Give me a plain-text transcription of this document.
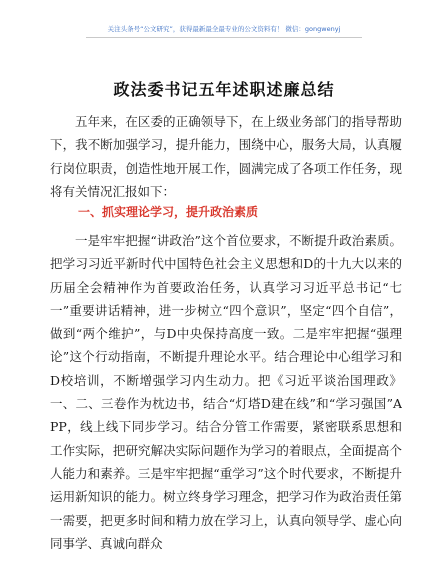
关注头条号“公文研究”，获得最新最全最专业的公文资料有！ 微信：gongwenyj
政法委书记五年述职述廉总结

五年来，在区委的正确领导下，在上级业务部门的指导帮助下，我不断加强学习，提升能力，围绕中心，服务大局，认真履行岗位职责，创造性地开展工作，圆满完成了各项工作任务，现将有关情况汇报如下：

一、抓实理论学习，提升政治素质

一是牢牢把握“讲政治”这个首位要求，不断提升政治素质。把学习习近平新时代中国特色社会主义思想和D的十九大以来的历届全会精神作为首要政治任务，认真学习习近平总书记“七一”重要讲话精神，进一步树立“四个意识”，坚定“四个自信”，做到“两个维护”，与D中央保持高度一致。二是牢牢把握“强理论”这个行动指南，不断提升理论水平。结合理论中心组学习和D校培训，不断增强学习内生动力。把《习近平谈治国理政》一、二、三卷作为枕边书，结合“灯塔D建在线”和“学习强国”APP，线上线下同步学习。结合分管工作需要，紧密联系思想和工作实际，把研究解决实际问题作为学习的着眼点，全面提高个人能力和素养。三是牢牢把握“重学习”这个时代要求，不断提升运用新知识的能力。树立终身学习理念，把学习作为政治责任第一需要，把更多时间和精力放在学习上，认真向领导学、虚心向同事学、真诚向群众
